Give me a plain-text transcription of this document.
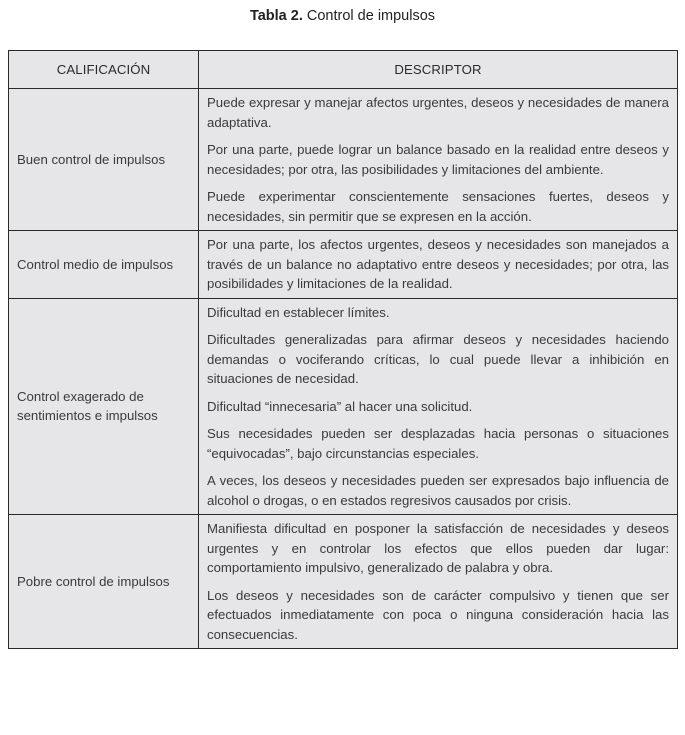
Tabla 2. Control de impulsos
CALIFICACIÓN	DESCRIPTOR
Buen control de impulsos	Puede expresar y manejar afectos urgentes, deseos y necesidades de manera adaptativa.

Por una parte, puede lograr un balance basado en la realidad entre deseos y necesidades; por otra, las posibilidades y limitaciones del ambiente.

Puede experimentar conscientemente sensaciones fuertes, deseos y necesidades, sin permitir que se expresen en la acción.

Control medio de impulsos	Por una parte, los afectos urgentes, deseos y necesidades son manejados a través de un balance no adaptativo entre deseos y necesidades; por otra, las posibilidades y limitaciones de la realidad.

Control exagerado de sentimientos e impulsos	Dificultad en establecer límites.

Dificultades generalizadas para afirmar deseos y necesidades haciendo demandas o vociferando críticas, lo cual puede llevar a inhibición en situaciones de necesidad.

Dificultad “innecesaria” al hacer una solicitud.

Sus necesidades pueden ser desplazadas hacia personas o situaciones “equivocadas”, bajo circunstancias especiales.

A veces, los deseos y necesidades pueden ser expresados bajo influencia de alcohol o drogas, o en estados regresivos causados por crisis.

Pobre control de impulsos	Manifiesta dificultad en posponer la satisfacción de necesidades y deseos urgentes y en controlar los efectos que ellos pueden dar lugar: comportamiento impulsivo, generalizado de palabra y obra.

Los deseos y necesidades son de carácter compulsivo y tienen que ser efectuados inmediatamente con poca o ninguna consideración hacia las consecuencias.
